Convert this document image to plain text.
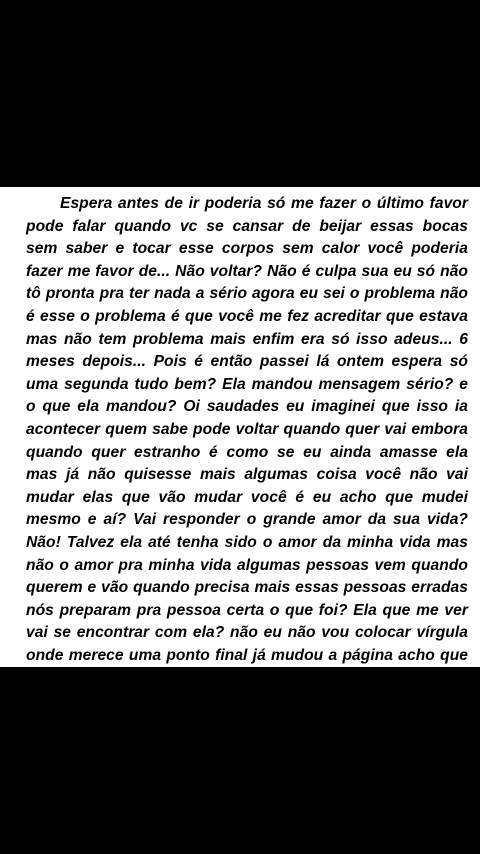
Espera antes de ir poderia só me fazer o último favor pode falar quando vc se cansar de beijar essas bocas sem saber e tocar esse corpos sem calor você poderia fazer me favor de... Não voltar? Não é culpa sua eu só não tô pronta pra ter nada a sério agora eu sei o problema não é esse o problema é que você me fez acreditar que estava mas não tem problema mais enfim era só isso adeus... 6 meses depois... Pois é então passei lá ontem espera só uma segunda tudo bem? Ela mandou mensagem sério? e o que ela mandou? Oi saudades eu imaginei que isso ia acontecer quem sabe pode voltar quando quer vai embora quando quer estranho é como se eu ainda amasse ela mas já não quisesse mais algumas coisa você não vai mudar elas que vão mudar você é eu acho que mudei mesmo e aí? Vai responder o grande amor da sua vida? Não! Talvez ela até tenha sido o amor da minha vida mas não o amor pra minha vida algumas pessoas vem quando querem e vão quando precisa mais essas pessoas erradas nós preparam pra pessoa certa o que foi? Ela que me ver vai se encontrar com ela? não eu não vou colocar vírgula onde merece uma ponto final já mudou a página acho que
